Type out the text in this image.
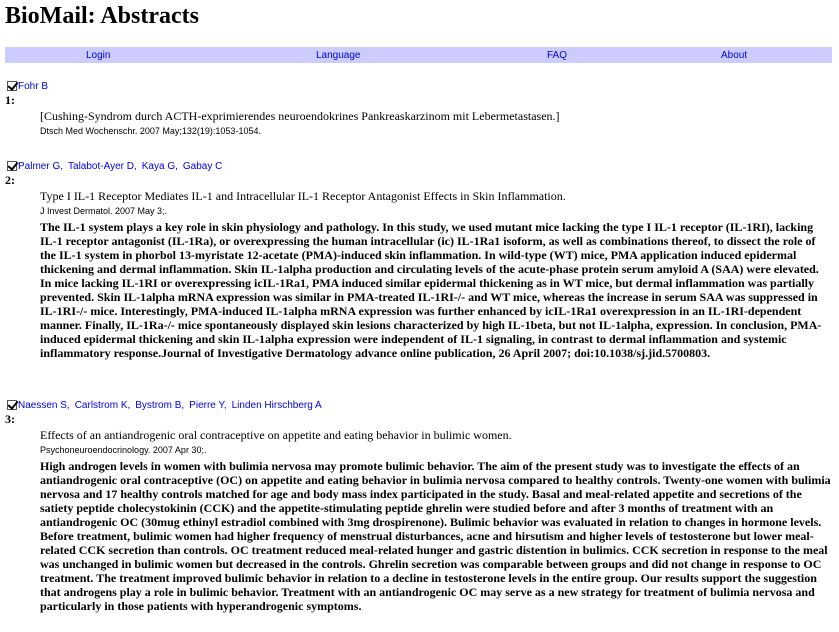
BioMail: Abstracts
Login	Language	FAQ	About
Fohr B
1:
[Cushing-Syndrom durch ACTH-exprimierendes neuroendokrines Pankreaskarzinom mit Lebermetastasen.]
Dtsch Med Wochenschr. 2007 May;132(19):1053-1054.
Palmer G, Talabot-Ayer D, Kaya G, Gabay C
2:
Type I IL-1 Receptor Mediates IL-1 and Intracellular IL-1 Receptor Antagonist Effects in Skin Inflammation.
J Invest Dermatol. 2007 May 3;.
The IL-1 system plays a key role in skin physiology and pathology. In this study, we used mutant mice lacking the type I IL-1 receptor (IL-1RI), lacking IL-1 receptor antagonist (IL-1Ra), or overexpressing the human intracellular (ic) IL-1Ra1 isoform, as well as combinations thereof, to dissect the role of the IL-1 system in phorbol 13-myristate 12-acetate (PMA)-induced skin inflammation. In wild-type (WT) mice, PMA application induced epidermal thickening and dermal inflammation. Skin IL-1alpha production and circulating levels of the acute-phase protein serum amyloid A (SAA) were elevated. In mice lacking IL-1RI or overexpressing icIL-1Ra1, PMA induced similar epidermal thickening as in WT mice, but dermal inflammation was partially prevented. Skin IL-1alpha mRNA expression was similar in PMA-treated IL-1RI-/- and WT mice, whereas the increase in serum SAA was suppressed in IL-1RI-/- mice. Interestingly, PMA-induced IL-1alpha mRNA expression was further enhanced by icIL-1Ra1 overexpression in an IL-1RI-dependent manner. Finally, IL-1Ra-/- mice spontaneously displayed skin lesions characterized by high IL-1beta, but not IL-1alpha, expression. In conclusion, PMA-induced epidermal thickening and skin IL-1alpha expression were independent of IL-1 signaling, in contrast to dermal inflammation and systemic inflammatory response.Journal of Investigative Dermatology advance online publication, 26 April 2007; doi:10.1038/sj.jid.5700803.
Naessen S, Carlstrom K, Bystrom B, Pierre Y, Linden Hirschberg A
3:
Effects of an antiandrogenic oral contraceptive on appetite and eating behavior in bulimic women.
Psychoneuroendocrinology. 2007 Apr 30;.
High androgen levels in women with bulimia nervosa may promote bulimic behavior. The aim of the present study was to investigate the effects of an antiandrogenic oral contraceptive (OC) on appetite and eating behavior in bulimia nervosa compared to healthy controls. Twenty-one women with bulimia nervosa and 17 healthy controls matched for age and body mass index participated in the study. Basal and meal-related appetite and secretions of the satiety peptide cholecystokinin (CCK) and the appetite-stimulating peptide ghrelin were studied before and after 3 months of treatment with an antiandrogenic OC (30mug ethinyl estradiol combined with 3mg drospirenone). Bulimic behavior was evaluated in relation to changes in hormone levels. Before treatment, bulimic women had higher frequency of menstrual disturbances, acne and hirsutism and higher levels of testosterone but lower meal-related CCK secretion than controls. OC treatment reduced meal-related hunger and gastric distention in bulimics. CCK secretion in response to the meal was unchanged in bulimic women but decreased in the controls. Ghrelin secretion was comparable between groups and did not change in response to OC treatment. The treatment improved bulimic behavior in relation to a decline in testosterone levels in the entire group. Our results support the suggestion that androgens play a role in bulimic behavior. Treatment with an antiandrogenic OC may serve as a new strategy for treatment of bulimia nervosa and particularly in those patients with hyperandrogenic symptoms.
